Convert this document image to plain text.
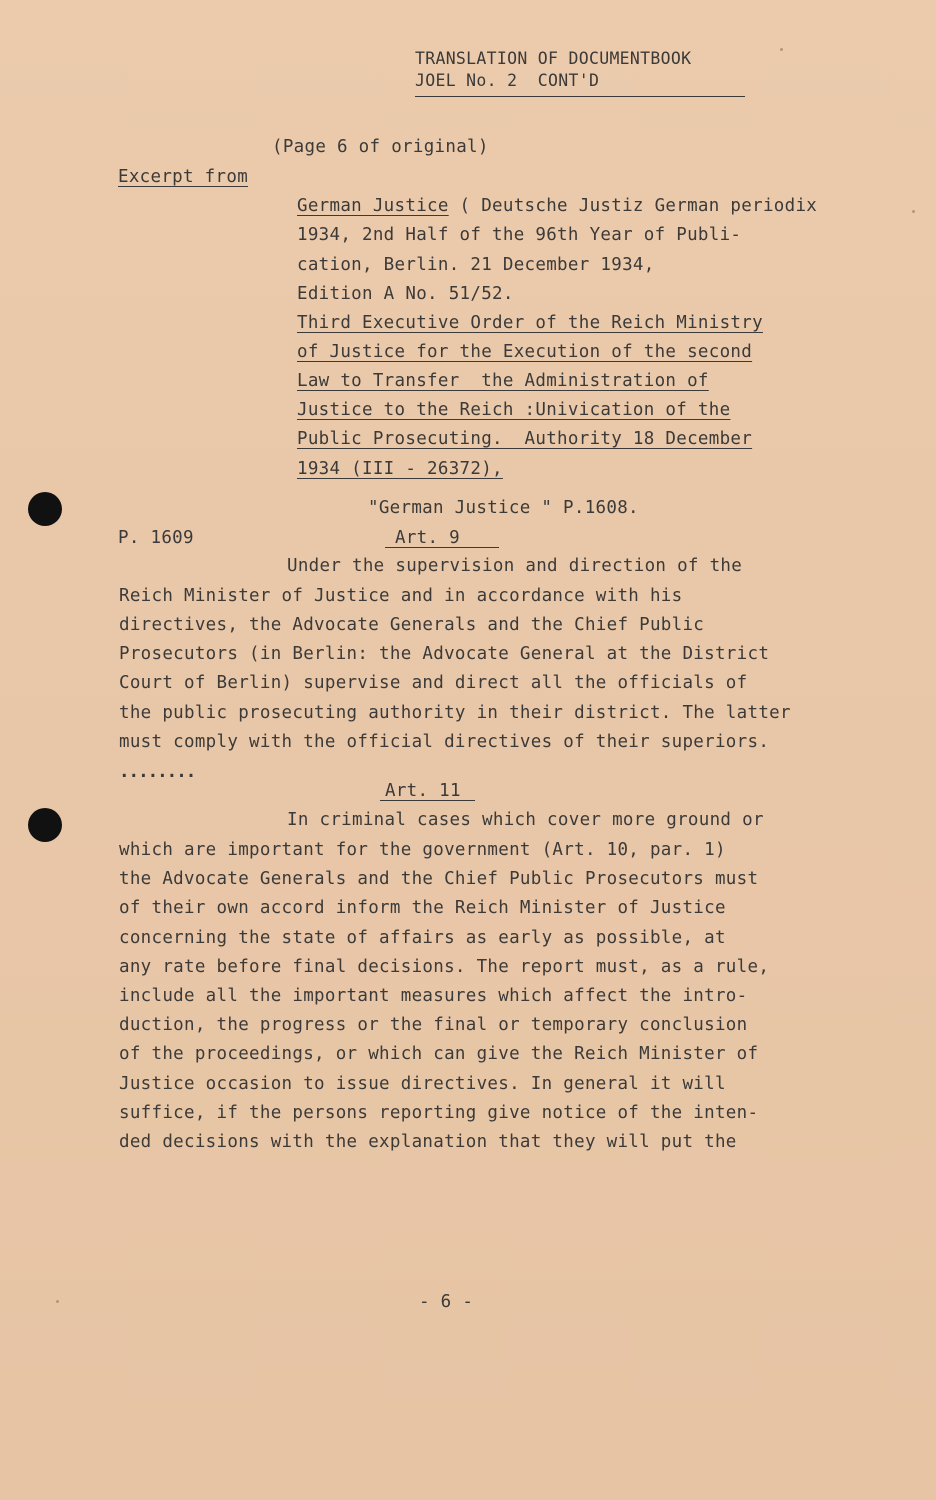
TRANSLATION OF DOCUMENTBOOK
JOEL No. 2  CONT'D
(Page 6 of original)
Excerpt from
German Justice ( Deutsche Justiz German periodix
1934, 2nd Half of the 96th Year of Publi-
cation, Berlin. 21 December 1934,
Edition A No. 51/52.
Third Executive Order of the Reich Ministry
of Justice for the Execution of the second
Law to Transfer  the Administration of
Justice to the Reich :Univication of the
Public Prosecuting.  Authority 18 December
1934 (III - 26372),
"German Justice " P.1608.
P. 1609	Art. 9
Under the supervision and direction of the
Reich Minister of Justice and in accordance with his
directives, the Advocate Generals and the Chief Public
Prosecutors (in Berlin: the Advocate General at the District
Court of Berlin) supervise and direct all the officials of
the public prosecuting authority in their district. The latter
must comply with the official directives of their superiors.
........
Art. 11
In criminal cases which cover more ground or
which are important for the government (Art. 10, par. 1)
the Advocate Generals and the Chief Public Prosecutors must
of their own accord inform the Reich Minister of Justice
concerning the state of affairs as early as possible, at
any rate before final decisions. The report must, as a rule,
include all the important measures which affect the intro-
duction, the progress or the final or temporary conclusion
of the proceedings, or which can give the Reich Minister of
Justice occasion to issue directives. In general it will
suffice, if the persons reporting give notice of the inten-
ded decisions with the explanation that they will put the
- 6 -
